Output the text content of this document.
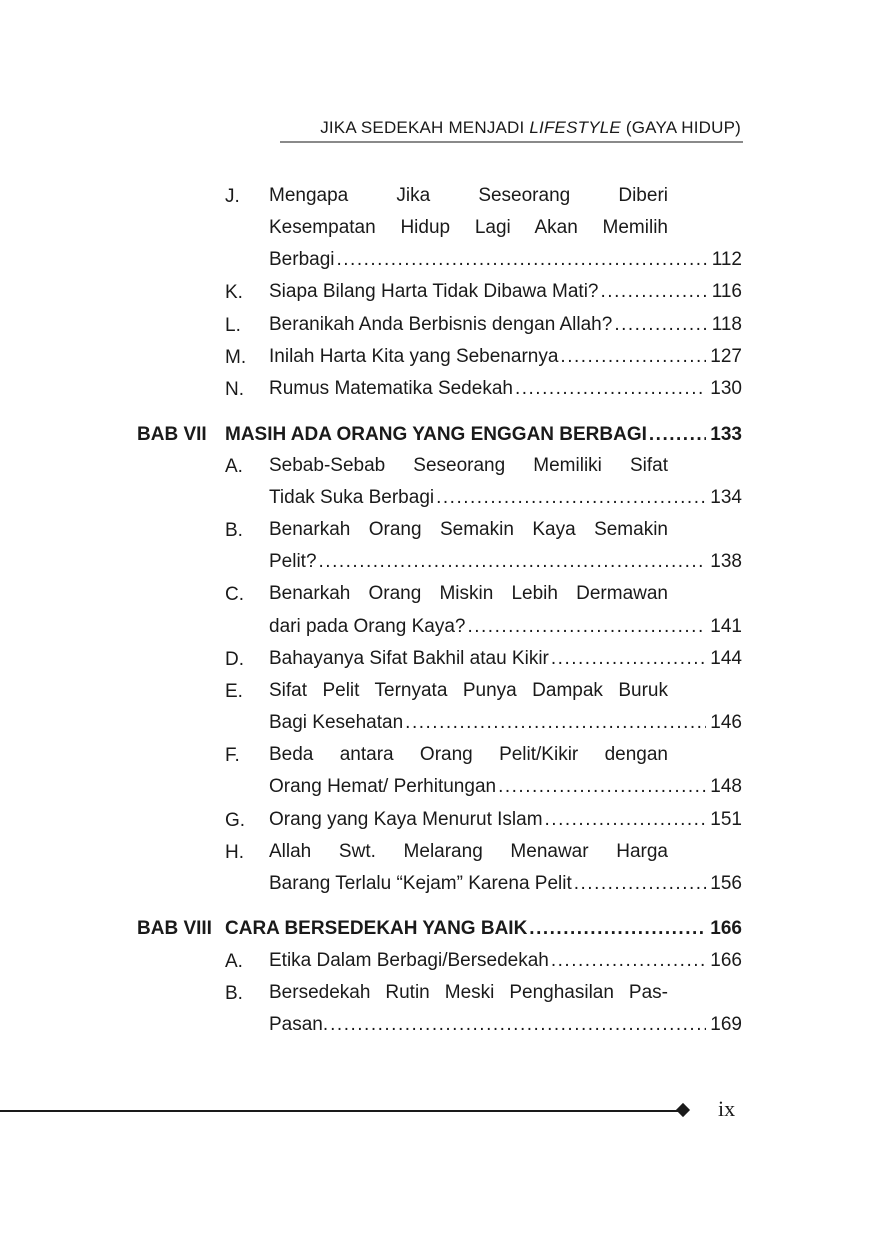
JIKA SEDEKAH MENJADI LIFESTYLE (GAYA HIDUP)
J. Mengapa Jika Seseorang Diberi
Kesempatan Hidup Lagi Akan Memilih
Berbagi .....	112
K. Siapa Bilang Harta Tidak Dibawa Mati? .....	116
L. Beranikah Anda Berbisnis dengan Allah? .....	118
M. Inilah Harta Kita yang Sebenarnya .....	127
N. Rumus Matematika Sedekah .....	130
BAB VII MASIH ADA ORANG YANG ENGGAN BERBAGI .....	133
A. Sebab-Sebab Seseorang Memiliki Sifat
Tidak Suka Berbagi .....	134
B. Benarkah Orang Semakin Kaya Semakin
Pelit? .....	138
C. Benarkah Orang Miskin Lebih Dermawan
dari pada Orang Kaya? .....	141
D. Bahayanya Sifat Bakhil atau Kikir .....	144
E. Sifat Pelit Ternyata Punya Dampak Buruk
Bagi Kesehatan .....	146
F. Beda antara Orang Pelit/Kikir dengan
Orang Hemat/ Perhitungan .....	148
G. Orang yang Kaya Menurut Islam .....	151
H. Allah Swt. Melarang Menawar Harga
Barang Terlalu “Kejam” Karena Pelit .....	156
BAB VIII CARA BERSEDEKAH YANG BAIK .....	166
A. Etika Dalam Berbagi/Bersedekah .....	166
B. Bersedekah Rutin Meski Penghasilan Pas-
Pasan. .....	169
ix
